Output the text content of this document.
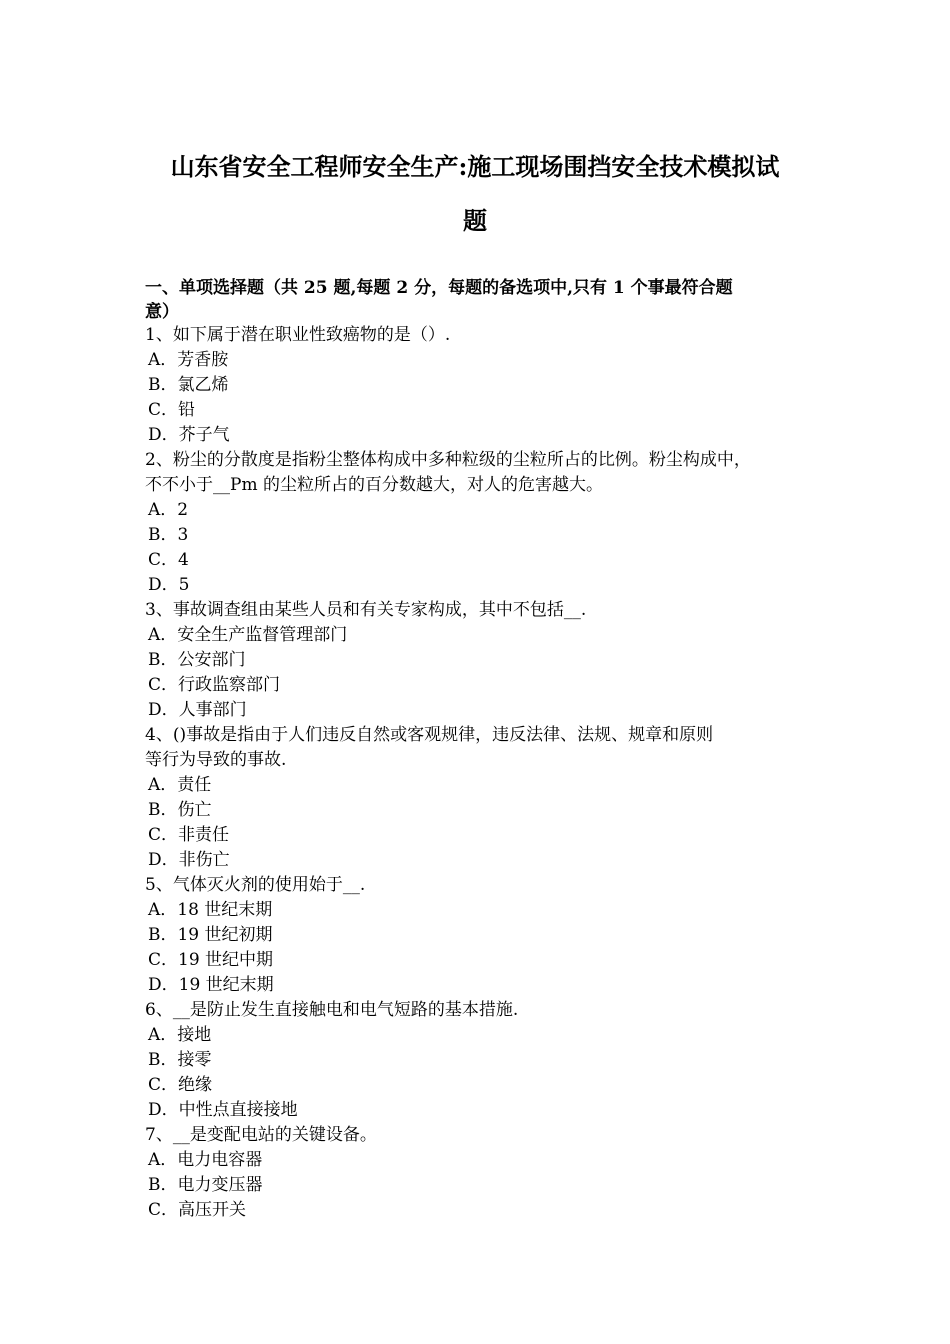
山东省安全工程师安全生产:施工现场围挡安全技术模拟试
题
一、单项选择题（共 25 题,每题 2 分，每题的备选项中,只有 1 个事最符合题
意）
1、如下属于潜在职业性致癌物的是（）.
A．芳香胺
B．氯乙烯
C．铅
D．芥子气
2、粉尘的分散度是指粉尘整体构成中多种粒级的尘粒所占的比例。粉尘构成中，
不不小于__Pm 的尘粒所占的百分数越大，对人的危害越大。
A．2
B．3
C．4
D．5
3、事故调查组由某些人员和有关专家构成，其中不包括__.
A．安全生产监督管理部门
B．公安部门
C．行政监察部门
D．人事部门
4、()事故是指由于人们违反自然或客观规律，违反法律、法规、规章和原则
等行为导致的事故.
A．责任
B．伤亡
C．非责任
D．非伤亡
5、气体灭火剂的使用始于__.
A．18 世纪末期
B．19 世纪初期
C．19 世纪中期
D．19 世纪末期
6、__是防止发生直接触电和电气短路的基本措施.
A．接地
B．接零
C．绝缘
D．中性点直接接地
7、__是变配电站的关键设备。
A．电力电容器
B．电力变压器
C．高压开关
